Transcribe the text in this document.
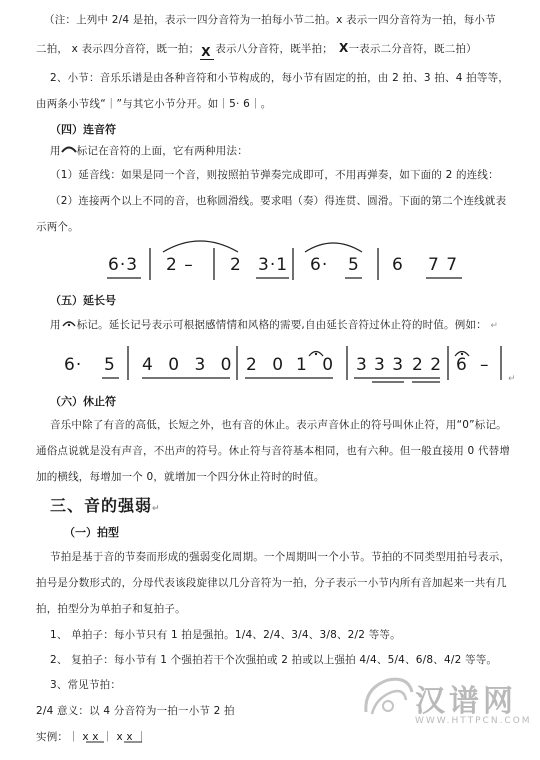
（注：上列中 2/4 是拍，表示一四分音符为一拍每小节二拍。x 表示一四分音符为一拍，每小节
二拍， x 表示四分音符，既一拍； X 表示八分音符，既半拍； X一表示二分音符，既二拍）
2、小节：音乐乐谱是由各种音符和小节构成的，每小节有固定的拍，由 2 拍、3 拍、4 拍等等，
由两条小节线“｜”与其它小节分开。如｜5· 6｜。
（四）连音符
用 标记在音符的上面，它有两种用法：
（1）延音线：如果是同一个音，则按照拍节弹奏完成即可，不用再弹奏，如下面的 2 的连线：
（2）连接两个以上不同的音，也称圆滑线。要求唱（奏）得连贯、圆滑。下面的第二个连线就表
示两个。
6·3 2 – 2 3·1 6· 5 6 7 7
（五）延长号
用 标记。延长记号表示可根据感情情和风格的需要,自由延长音符过休止符的时值。例如： ↵
6· 5 4 0 3 0 2 0 1 0 3 3 3 2 2 6 –
↵
（六）休止符
音乐中除了有音的高低，长短之外，也有音的休止。表示声音休止的符号叫休止符，用“0”标记。
通俗点说就是没有声音，不出声的符号。休止符与音符基本相同，也有六种。但一般直接用 0 代替增
加的横线，每增加一个 0，就增加一个四分休止符时的时值。
三、音的强弱↵
（一）拍型
节拍是基于音的节奏而形成的强弱变化周期。一个周期叫一个小节。节拍的不同类型用拍号表示，
拍号是分数形式的，分母代表该段旋律以几分音符为一拍，分子表示一小节内所有音加起来一共有几
拍，拍型分为单拍子和复拍子。
1、 单拍子：每小节只有 1 拍是强拍。1/4、2/4、3/4、3/8、2/2 等等。
2、 复拍子：每小节有 1 个强拍若干个次强拍或 2 拍或以上强拍 4/4、5/4、6/8、4/2 等等。
3、常见节拍：
2/4 意义：以 4 分音符为一拍一小节 2 拍
实例：｜ x x ｜ x x ｜
汉谱网
WWW.HTTPCN.COM
